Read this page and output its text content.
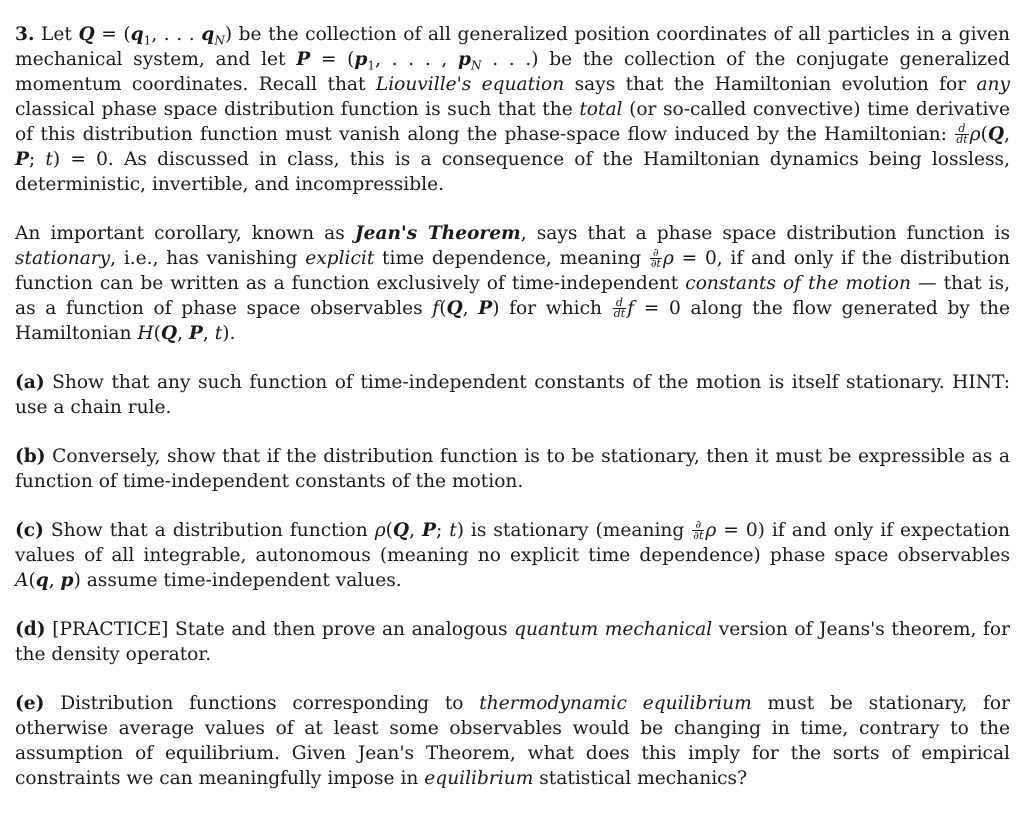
3. Let $Q = (q_1$, . . . $q_N$) be the collection of all generalized position coordinates of all particles in a given mechanical system, and let $P = (p_1$, . . . , $p_N$ . . .) be the collection of the conjugate generalized momentum coordinates. Recall that Liouville's equation says that the Hamiltonian evolution for any classical phase space distribution function is such that the total (or so-called convective) time derivative of this distribution function must vanish along the phase-space flow induced by the Hamiltonian: $\frac{d}{dt} \rho(Q$, P; t) = 0. As discussed in class, this is a consequence of the Hamiltonian dynamics being lossless, deterministic, invertible, and incompressible.

An important corollary, known as Jean's Theorem, says that a phase space distribution function is stationary, i.e., has vanishing explicit time dependence, meaning $\frac{\partial}{\partial t}$ ρ = 0, if and only if the distribution function can be written as a function exclusively of time-independent constants of the motion — that is, as a function of phase space observables f(Q, P) for which $\frac{d}{dt}$ f = 0 along the flow generated by the Hamiltonian H(Q, P, t).

(a) Show that any such function of time-independent constants of the motion is itself stationary. HINT: use a chain rule.

(b) Conversely, show that if the distribution function is to be stationary, then it must be expressible as a function of time-independent constants of the motion.

(c) Show that a distribution function ρ(Q, P; t) is stationary (meaning $\frac{\partial}{\partial t}$ ρ = 0) if and only if expectation values of all integrable, autonomous (meaning no explicit time dependence) phase space observables A(q, p) assume time-independent values.

(d) [PRACTICE] State and then prove an analogous quantum mechanical version of Jeans's theorem, for the density operator.

(e) Distribution functions corresponding to thermodynamic equilibrium must be stationary, for otherwise average values of at least some observables would be changing in time, contrary to the assumption of equilibrium. Given Jean's Theorem, what does this imply for the sorts of empirical constraints we can meaningfully impose in equilibrium statistical mechanics?
